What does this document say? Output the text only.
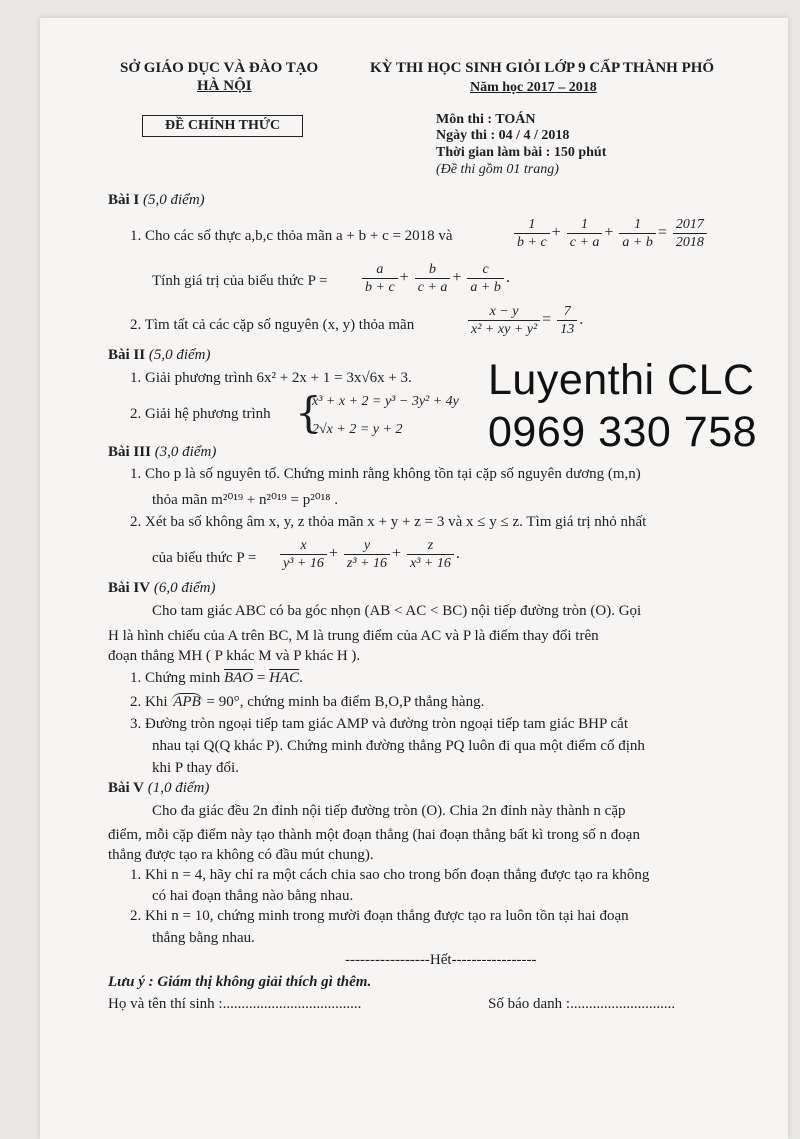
SỞ GIÁO DỤC VÀ ĐÀO TẠO
HÀ NỘI
KỲ THI HỌC SINH GIỎI LỚP 9 CẤP THÀNH PHỐ
Năm học 2017 – 2018
ĐỀ CHÍNH THỨC	Môn thi : TOÁN
Ngày thi : 04 / 4 / 2018
Thời gian làm bài : 150 phút
(Đề thi gồm 01 trang)
Bài I (5,0 điểm)
1. Cho các số thực a,b,c thỏa mãn a + b + c = 2018 và	$\frac{1}{b + c} + \frac{1}{c + a} + \frac{1}{a + b} = \frac{2017}{2018}$
Tính giá trị của biểu thức $P = \frac{a}{b + c} + \frac{b}{c + a} + \frac{c}{a + b}$ .
2. Tìm tất cả các cặp số nguyên (x, y) thỏa mãn	$\frac{x - y}{\text{x² + xy + y²}} = \frac{7}{13}$ .
Bài II (5,0 điểm)
1. Giải phương trình 6x² + 2x + 1 = 3x√6x + 3.
2. Giải hệ phương trình {
x³ + x + 2 = y³ − 3y² + 4y
2√x + 2 = y + 2
Luyenthi CLC
0969 330 758
Bài III (3,0 điểm)
1. Cho p là số nguyên tố. Chứng minh rằng không tồn tại cặp số nguyên dương (m,n)
thỏa mãn m²⁰¹⁹ + n²⁰¹⁹ = p²⁰¹⁸ .
2. Xét ba số không âm x, y, z thỏa mãn x + y + z = 3 và x ≤ y ≤ z. Tìm giá trị nhỏ nhất
của biểu thức $P = \frac{x}{\text{y³ + 16}} + \frac{y}{\text{z³ + 16}} + \frac{z}{\text{x³ + 16}}$ .
Bài IV (6,0 điểm)
Cho tam giác ABC có ba góc nhọn (AB < AC < BC) nội tiếp đường tròn (O). Gọi
H là hình chiếu của A trên BC, M là trung điểm của AC và P là điểm thay đổi trên
đoạn thẳng MH ( P khác M và P khác H ).
1. Chứng minh $\overline{BAO} = \overline{HAC}$.
2. Khi APB = 90°, chứng minh ba điểm B,O,P thẳng hàng.
3. Đường tròn ngoại tiếp tam giác AMP và đường tròn ngoại tiếp tam giác BHP cắt
nhau tại Q(Q khác P). Chứng minh đường thẳng PQ luôn đi qua một điểm cố định
khi P thay đổi.
Bài V (1,0 điểm)
Cho đa giác đều 2n đỉnh nội tiếp đường tròn (O). Chia 2n đỉnh này thành n cặp
điểm, mỗi cặp điểm này tạo thành một đoạn thẳng (hai đoạn thẳng bất kì trong số n đoạn
thẳng được tạo ra không có đầu mút chung).
1. Khi n = 4, hãy chỉ ra một cách chia sao cho trong bốn đoạn thẳng được tạo ra không
có hai đoạn thẳng nào bằng nhau.
2. Khi n = 10, chứng minh trong mười đoạn thẳng được tạo ra luôn tồn tại hai đoạn
thẳng bằng nhau.
-----------------Hết-----------------
Lưu ý : Giám thị không giải thích gì thêm.
Họ và tên thí sinh :.....................................	Số báo danh :............................
